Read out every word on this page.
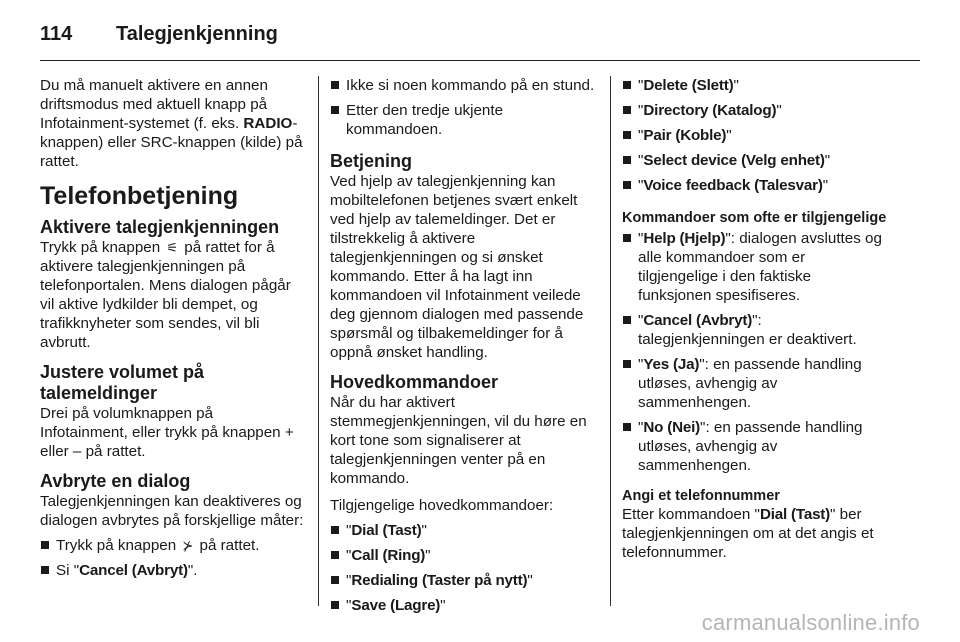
114	Talegjenkjenning

Du må manuelt aktivere en annen driftsmodus med aktuell knapp på Infotainment-systemet (f. eks. RADIO-knappen) eller SRC-knappen (kilde) på rattet.

Telefonbetjening
Aktivere talegjenkjenningen

Trykk på knappen ⚟ på rattet for å aktivere talegjenkjenningen på telefonportalen. Mens dialogen pågår vil aktive lydkilder bli dempet, og trafikknyheter som sendes, vil bli avbrutt.

Justere volumet på talemeldinger

Drei på volumknappen på Infotainment, eller trykk på knappen + eller – på rattet.

Avbryte en dialog

Talegjenkjenningen kan deaktiveres og dialogen avbrytes på forskjellige måter:

Trykk på knappen ⊁ på rattet.
Si "Cancel (Avbryt)".
Ikke si noen kommando på en stund.
Etter den tredje ukjente kommandoen.
Betjening

Ved hjelp av talegjenkjenning kan mobiltelefonen betjenes svært enkelt ved hjelp av talemeldinger. Det er tilstrekkelig å aktivere talegjenkjenningen og si ønsket kommando. Etter å ha lagt inn kommandoen vil Infotainment veilede deg gjennom dialogen med passende spørsmål og tilbakemeldinger for å oppnå ønsket handling.

Hovedkommandoer

Når du har aktivert stemmegjenkjenningen, vil du høre en kort tone som signaliserer at talegjenkjenningen venter på en kommando.

Tilgjengelige hovedkommandoer:

"Dial (Tast)"
"Call (Ring)"
"Redialing (Taster på nytt)"
"Save (Lagre)"
"Delete (Slett)"
"Directory (Katalog)"
"Pair (Koble)"
"Select device (Velg enhet)"
"Voice feedback (Talesvar)"
Kommandoer som ofte er tilgjengelige
"Help (Hjelp)": dialogen avsluttes og alle kommandoer som er tilgjengelige i den faktiske funksjonen spesifiseres.
"Cancel (Avbryt)": talegjenkjenningen er deaktivert.
"Yes (Ja)": en passende handling utløses, avhengig av sammenhengen.
"No (Nei)": en passende handling utløses, avhengig av sammenhengen.
Angi et telefonnummer

Etter kommandoen "Dial (Tast)" ber talegjenkjenningen om at det angis et telefonnummer.

carmanualsonline.info
